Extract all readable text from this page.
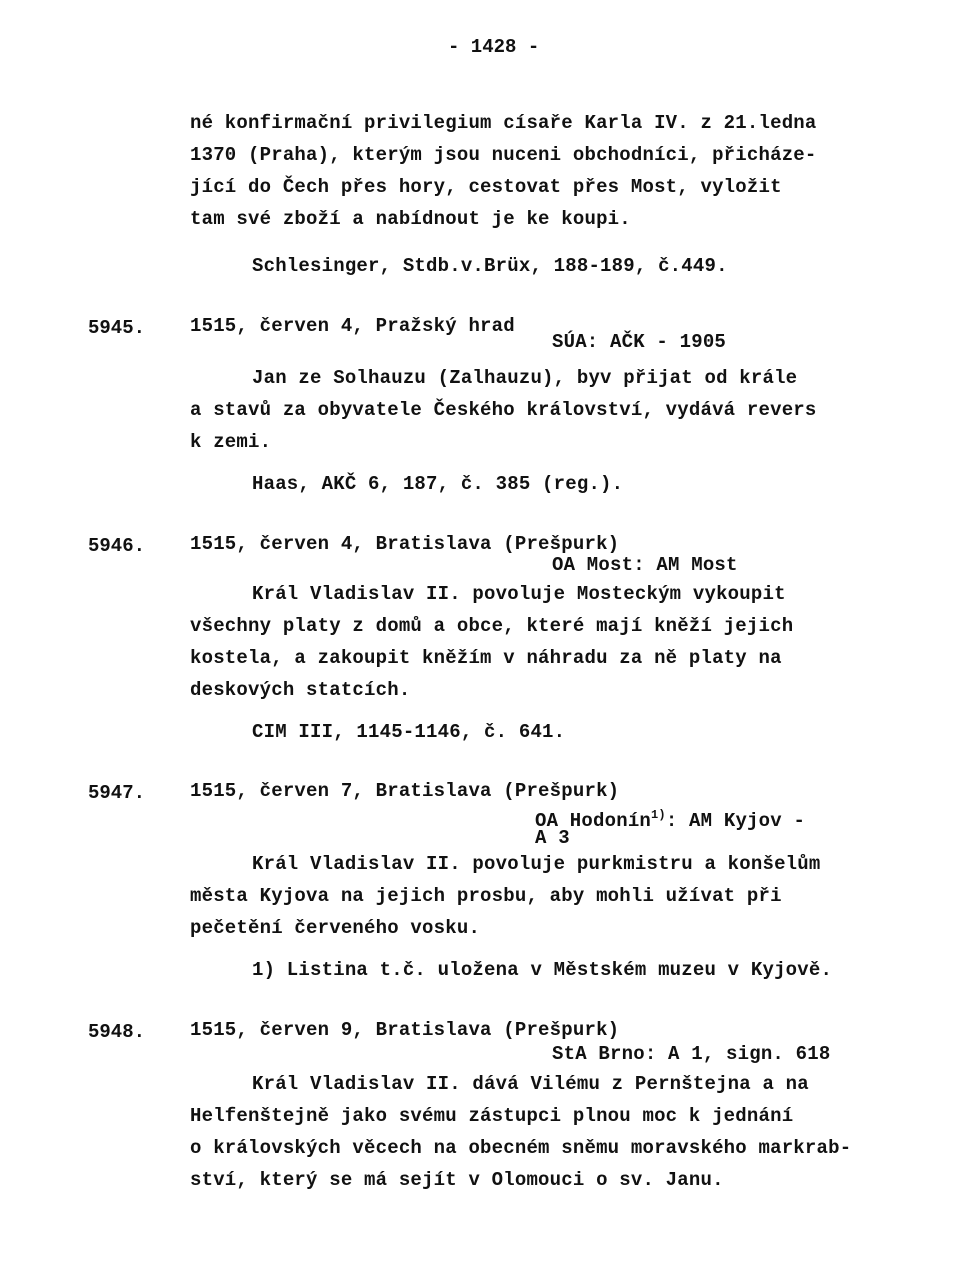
- 1428 -
né konfirmační privilegium císaře Karla IV. z 21.ledna
1370 (Praha), kterým jsou nuceni obchodníci, přicháze-
jící do Čech přes hory, cestovat přes Most, vyložit
tam své zboží a nabídnout je ke koupi.
Schlesinger, Stdb.v.Brüx, 188-189, č.449.
5945. 1515, červen 4, Pražský hrad
SÚA: AČK - 1905
Jan ze Solhauzu (Zalhauzu), byv přijat od krále
a stavů za obyvatele Českého království, vydává revers
k zemi.
Haas, AKČ 6, 187, č. 385 (reg.).
5946. 1515, červen 4, Bratislava (Prešpurk)
OA Most: AM Most
Král Vladislav II. povoluje Mosteckým vykoupit
všechny platy z domů a obce, které mají kněží jejich
kostela, a zakoupit kněžím v náhradu za ně platy na
deskových statcích.
CIM III, 1145-1146, č. 641.
5947. 1515, červen 7, Bratislava (Prešpurk)
OA Hodonín$^{1)}$: AM Kyjov -
A 3
Král Vladislav II. povoluje purkmistru a konšelům
města Kyjova na jejich prosbu, aby mohli užívat při
pečetění červeného vosku.
1) Listina t.č. uložena v Městském muzeu v Kyjově.
5948. 1515, červen 9, Bratislava (Prešpurk)
StA Brno: A 1, sign. 618
Král Vladislav II. dává Vilému z Pernštejna a na
Helfenštejně jako svému zástupci plnou moc k jednání
o královských věcech na obecném sněmu moravského markrab-
ství, který se má sejít v Olomouci o sv. Janu.
